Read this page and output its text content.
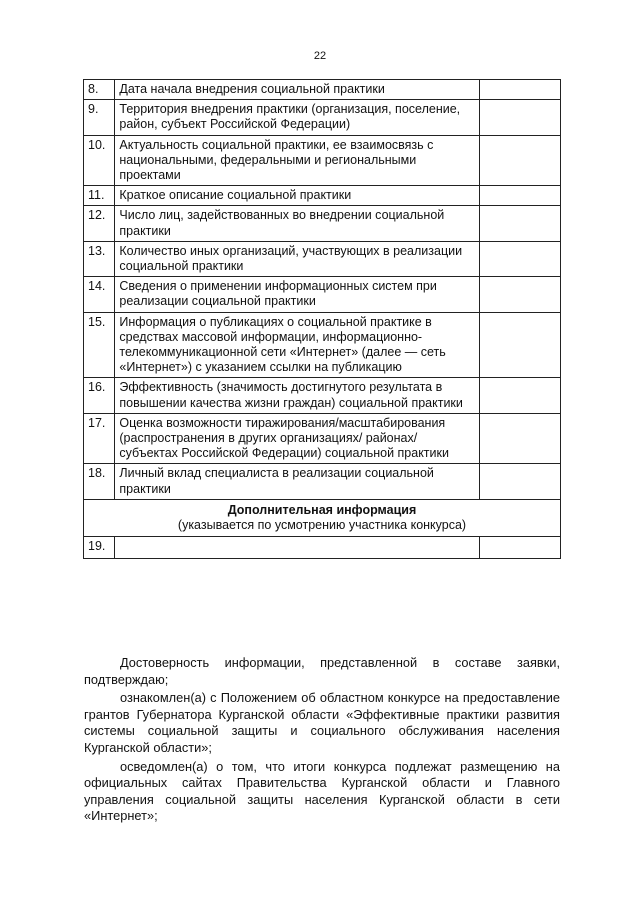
22
8.	Дата начала внедрения социальной практики	
9.	Территория внедрения практики (организация, поселение, район, субъект Российской Федерации)	
10.	Актуальность социальной практики, ее взаимосвязь с национальными, федеральными и региональными проектами	
11.	Краткое описание социальной практики	
12.	Число лиц, задействованных во внедрении социальной практики	
13.	Количество иных организаций, участвующих в реализации социальной практики	
14.	Сведения о применении информационных систем при реализации социальной практики	
15.	Информация о публикациях о социальной практике в средствах массовой информации, информационно-телекоммуникационной сети «Интернет» (далее — сеть «Интернет») с указанием ссылки на публикацию	
16.	Эффективность (значимость достигнутого результата в повышении качества жизни граждан) социальной практики	
17.	Оценка возможности тиражирования/масштабирования (распространения в других организациях/ районах/ субъектах Российской Федерации) социальной практики	
18.	Личный вклад специалиста в реализации социальной практики	

Дополнительная информация
(указывается по усмотрению участника конкурса)		
19.		

Достоверность информации, представленной в составе заявки, подтверждаю;

ознакомлен(а) с Положением об областном конкурсе на предоставление грантов Губернатора Курганской области «Эффективные практики развития системы социальной защиты и социального обслуживания населения Курганской области»;

осведомлен(а) о том, что итоги конкурса подлежат размещению на официальных сайтах Правительства Курганской области и Главного управления социальной защиты населения Курганской области в сети «Интернет»;
